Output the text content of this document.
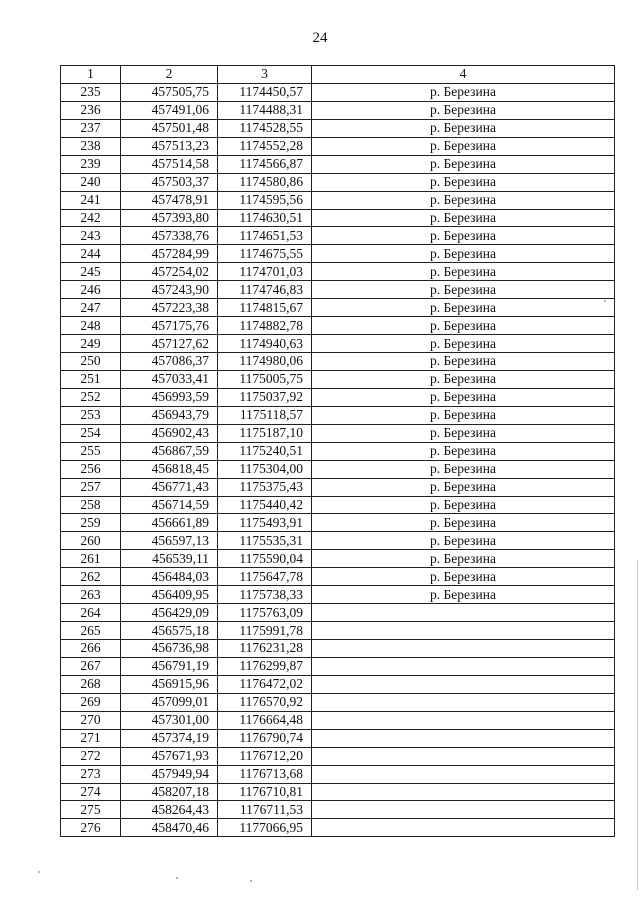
24
1	2	3	4
235	457505,75	1174450,57	р. Березина
236	457491,06	1174488,31	р. Березина
237	457501,48	1174528,55	р. Березина
238	457513,23	1174552,28	р. Березина
239	457514,58	1174566,87	р. Березина
240	457503,37	1174580,86	р. Березина
241	457478,91	1174595,56	р. Березина
242	457393,80	1174630,51	р. Березина
243	457338,76	1174651,53	р. Березина
244	457284,99	1174675,55	р. Березина
245	457254,02	1174701,03	р. Березина
246	457243,90	1174746,83	р. Березина
247	457223,38	1174815,67	р. Березина
248	457175,76	1174882,78	р. Березина
249	457127,62	1174940,63	р. Березина
250	457086,37	1174980,06	р. Березина
251	457033,41	1175005,75	р. Березина
252	456993,59	1175037,92	р. Березина
253	456943,79	1175118,57	р. Березина
254	456902,43	1175187,10	р. Березина
255	456867,59	1175240,51	р. Березина
256	456818,45	1175304,00	р. Березина
257	456771,43	1175375,43	р. Березина
258	456714,59	1175440,42	р. Березина
259	456661,89	1175493,91	р. Березина
260	456597,13	1175535,31	р. Березина
261	456539,11	1175590,04	р. Березина
262	456484,03	1175647,78	р. Березина
263	456409,95	1175738,33	р. Березина
264	456429,09	1175763,09	
265	456575,18	1175991,78	
266	456736,98	1176231,28	
267	456791,19	1176299,87	
268	456915,96	1176472,02	
269	457099,01	1176570,92	
270	457301,00	1176664,48	
271	457374,19	1176790,74	
272	457671,93	1176712,20	
273	457949,94	1176713,68	
274	458207,18	1176710,81	
275	458264,43	1176711,53	
276	458470,46	1177066,95	
